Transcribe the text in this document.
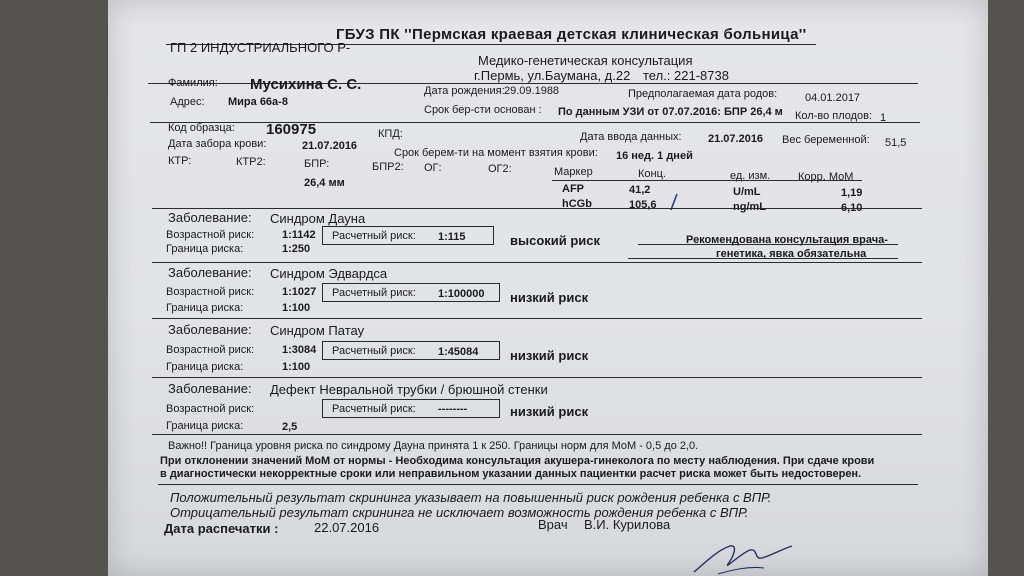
ГБУЗ ПК ''Пермская краевая детская клиническая больница''
ГП 2 ИНДУСТРИАЛЬНОГО Р-
Медико-генетическая консультация
г.Пермь, ул.Баумана, д.22 тел.: 221-8738
Фамилия: Мусихина С. С.	Дата рождения: 29.09.1988	Предполагаемая дата родов:	04.01.2017
Адрес: Мира 66а-8
Срок бер-сти основан : По данным УЗИ от 07.07.2016: БПР 26,4 м Кол-во плодов: 1
Код образца: 160975	КПД:	Дата ввода данных: 21.07.2016 Вес беременной: 51,5
Дата забора крови:	21.07.2016
Срок берем-ти на момент взятия крови: 16 нед. 1 дней
КТР:	КТР2:	БПР:	БПР2: ОГ:	ОГ2:
26,4 мм
Маркер	Конц.	ед. изм.	Корр. МоМ
AFP	41,2	U/mL	1,19
hCGb	105,6	ng/mL	6,10
Заболевание: Синдром Дауна
Возрастной риск:	1:1142 Расчетный риск: 1:115	высокий риск
Граница риска:	1:250
Рекомендована консультация врача-
генетика, явка обязательна
Заболевание: Синдром Эдвардса
Возрастной риск:	1:1027 Расчетный риск: 1:100000 низкий риск
Граница риска:	1:100
Заболевание: Синдром Патау
Возрастной риск:	1:3084 Расчетный риск: 1:45084 низкий риск
Граница риска:	1:100
Заболевание: Дефект Невральной трубки / брюшной стенки
Возрастной риск:	Расчетный риск: --------	низкий риск
Граница риска:	2,5
Важно!! Граница уровня риска по синдрому Дауна принята 1 к 250. Границы норм для МоМ - 0,5 до 2,0.
При отклонении значений МоМ от нормы - Необходима консультация акушера-гинеколога по месту наблюдения. При сдаче крови
в диагностически некорректные сроки или неправильном указании данных пациентки расчет риска может быть недостоверен.
Положительный результат скрининга указывает на повышенный риск рождения ребенка с ВПР.
Отрицательный результат скрининга не исключает возможность рождения ребенка с ВПР.
Дата распечатки :	22.07.2016	Врач В.И. Курилова
